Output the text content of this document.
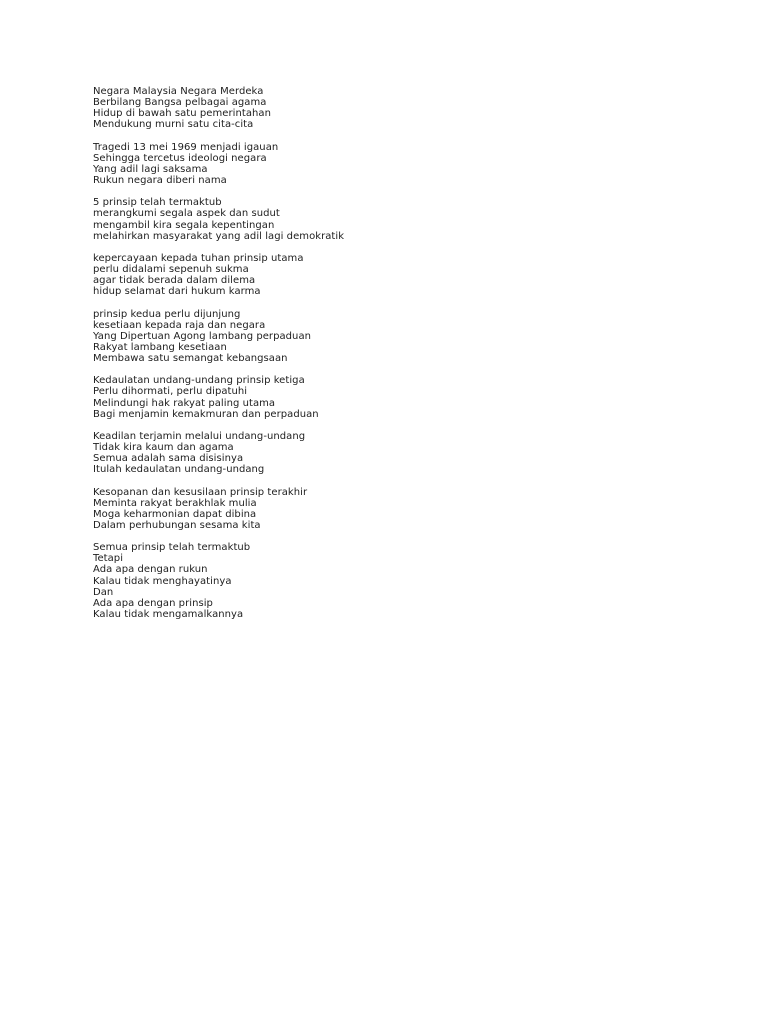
Negara Malaysia Negara Merdeka
Berbilang Bangsa pelbagai agama
Hidup di bawah satu pemerintahan
Mendukung murni satu cita-cita
Tragedi 13 mei 1969 menjadi igauan
Sehingga tercetus ideologi negara
Yang adil lagi saksama
Rukun negara diberi nama
5 prinsip telah termaktub
merangkumi segala aspek dan sudut
mengambil kira segala kepentingan
melahirkan masyarakat yang adil lagi demokratik
kepercayaan kepada tuhan prinsip utama
perlu didalami sepenuh sukma
agar tidak berada dalam dilema
hidup selamat dari hukum karma
prinsip kedua perlu dijunjung
kesetiaan kepada raja dan negara
Yang Dipertuan Agong lambang perpaduan
Rakyat lambang kesetiaan
Membawa satu semangat kebangsaan
Kedaulatan undang-undang prinsip ketiga
Perlu dihormati, perlu dipatuhi
Melindungi hak rakyat paling utama
Bagi menjamin kemakmuran dan perpaduan
Keadilan terjamin melalui undang-undang
Tidak kira kaum dan agama
Semua adalah sama disisinya
Itulah kedaulatan undang-undang
Kesopanan dan kesusilaan prinsip terakhir
Meminta rakyat berakhlak mulia
Moga keharmonian dapat dibina
Dalam perhubungan sesama kita
Semua prinsip telah termaktub
Tetapi
Ada apa dengan rukun
Kalau tidak menghayatinya
Dan
Ada apa dengan prinsip
Kalau tidak mengamalkannya
